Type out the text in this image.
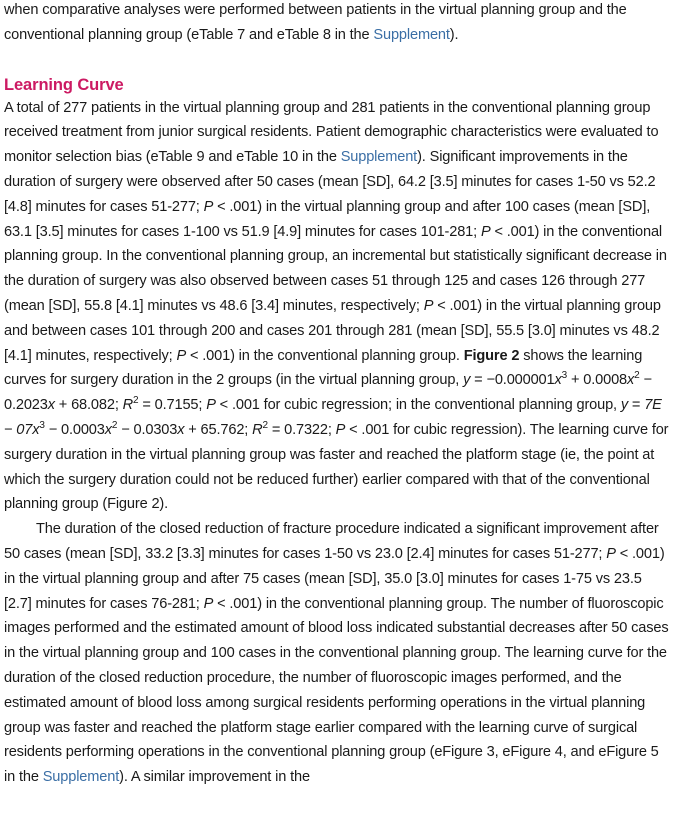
when comparative analyses were performed between patients in the virtual planning group and the conventional planning group (eTable 7 and eTable 8 in the Supplement).

Learning Curve

A total of 277 patients in the virtual planning group and 281 patients in the conventional planning group received treatment from junior surgical residents. Patient demographic characteristics were evaluated to monitor selection bias (eTable 9 and eTable 10 in the Supplement). Significant improvements in the duration of surgery were observed after 50 cases (mean [SD], 64.2 [3.5] minutes for cases 1-50 vs 52.2 [4.8] minutes for cases 51-277; P < .001) in the virtual planning group and after 100 cases (mean [SD], 63.1 [3.5] minutes for cases 1-100 vs 51.9 [4.9] minutes for cases 101-281; P < .001) in the conventional planning group. In the conventional planning group, an incremental but statistically significant decrease in the duration of surgery was also observed between cases 51 through 125 and cases 126 through 277 (mean [SD], 55.8 [4.1] minutes vs 48.6 [3.4] minutes, respectively; P < .001) in the virtual planning group and between cases 101 through 200 and cases 201 through 281 (mean [SD], 55.5 [3.0] minutes vs 48.2 [4.1] minutes, respectively; P < .001) in the conventional planning group. Figure 2 shows the learning curves for surgery duration in the 2 groups (in the virtual planning group, $y = -0.000001x^3 + 0.0008x^2 - 0.2023x + 68.082$; $R^2 = 0.7155$; P < .001 for cubic regression; in the conventional planning group, $y = 7E - 07x^3 - 0.0003x^2 - 0.0303x + 65.762$; $R^2 = 0.7322$; P < .001 for cubic regression). The learning curve for surgery duration in the virtual planning group was faster and reached the platform stage (ie, the point at which the surgery duration could not be reduced further) earlier compared with that of the conventional planning group (Figure 2).

The duration of the closed reduction of fracture procedure indicated a significant improvement after 50 cases (mean [SD], 33.2 [3.3] minutes for cases 1-50 vs 23.0 [2.4] minutes for cases 51-277; P < .001) in the virtual planning group and after 75 cases (mean [SD], 35.0 [3.0] minutes for cases 1-75 vs 23.5 [2.7] minutes for cases 76-281; P < .001) in the conventional planning group. The number of fluoroscopic images performed and the estimated amount of blood loss indicated substantial decreases after 50 cases in the virtual planning group and 100 cases in the conventional planning group. The learning curve for the duration of the closed reduction procedure, the number of fluoroscopic images performed, and the estimated amount of blood loss among surgical residents performing operations in the virtual planning group was faster and reached the platform stage earlier compared with the learning curve of surgical residents performing operations in the conventional planning group (eFigure 3, eFigure 4, and eFigure 5 in the Supplement). A similar improvement in the
